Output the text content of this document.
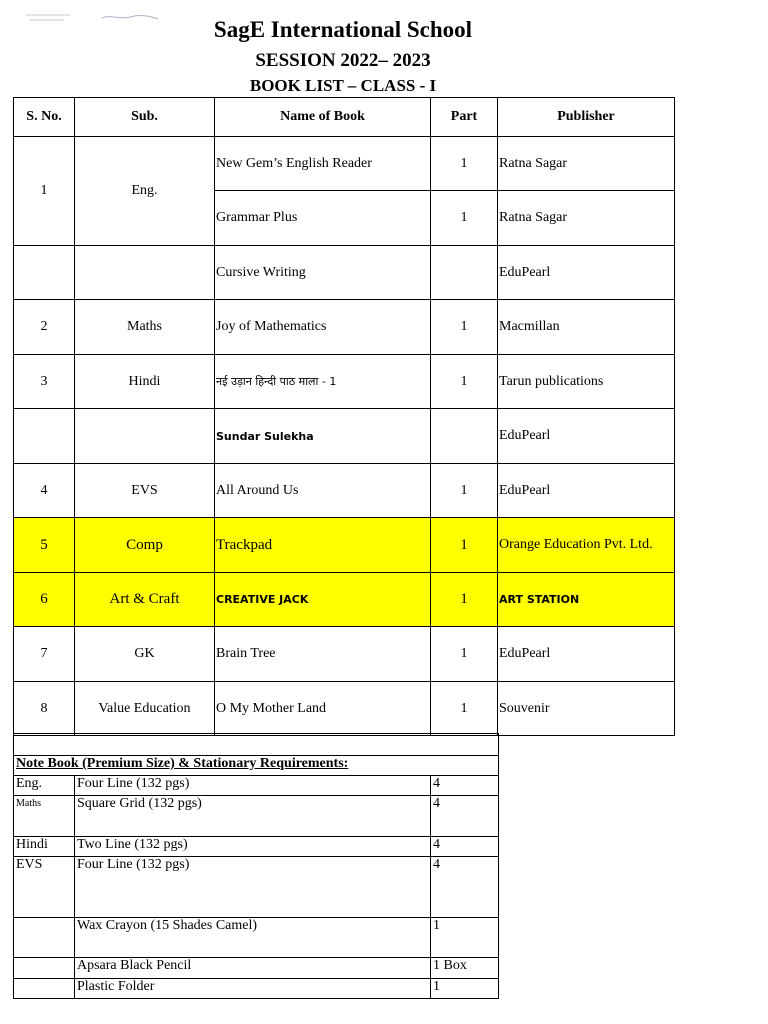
SagE International School
SESSION 2022– 2023
BOOK LIST – CLASS - I
S. No.	Sub.	Name of Book	Part	Publisher
1	Eng.	New Gem’s English Reader	1	Ratna Sagar
		Grammar Plus	1	Ratna Sagar
		Cursive Writing		EduPearl
2	Maths	Joy of Mathematics	1	Macmillan
3	Hindi	नई उड़ान हिन्दी पाठ माला - 1	1	Tarun publications
		Sundar Sulekha		EduPearl
4	EVS	All Around Us	1	EduPearl
5	Comp	Trackpad	1	Orange Education Pvt. Ltd.
6	Art & Craft	CREATIVE JACK	1	ART STATION
7	GK	Brain Tree	1	EduPearl
8	Value Education	O My Mother Land	1	Souvenir

Note Book (Premium Size) & Stationary Requirements:		
Eng.	Four Line (132 pgs)	4
Maths	Square Grid (132 pgs)	4
Hindi	Two Line (132 pgs)	4
EVS	Four Line (132 pgs)	4
	Wax Crayon (15 Shades Camel)	1
	Apsara Black Pencil	1 Box
	Plastic Folder	1
